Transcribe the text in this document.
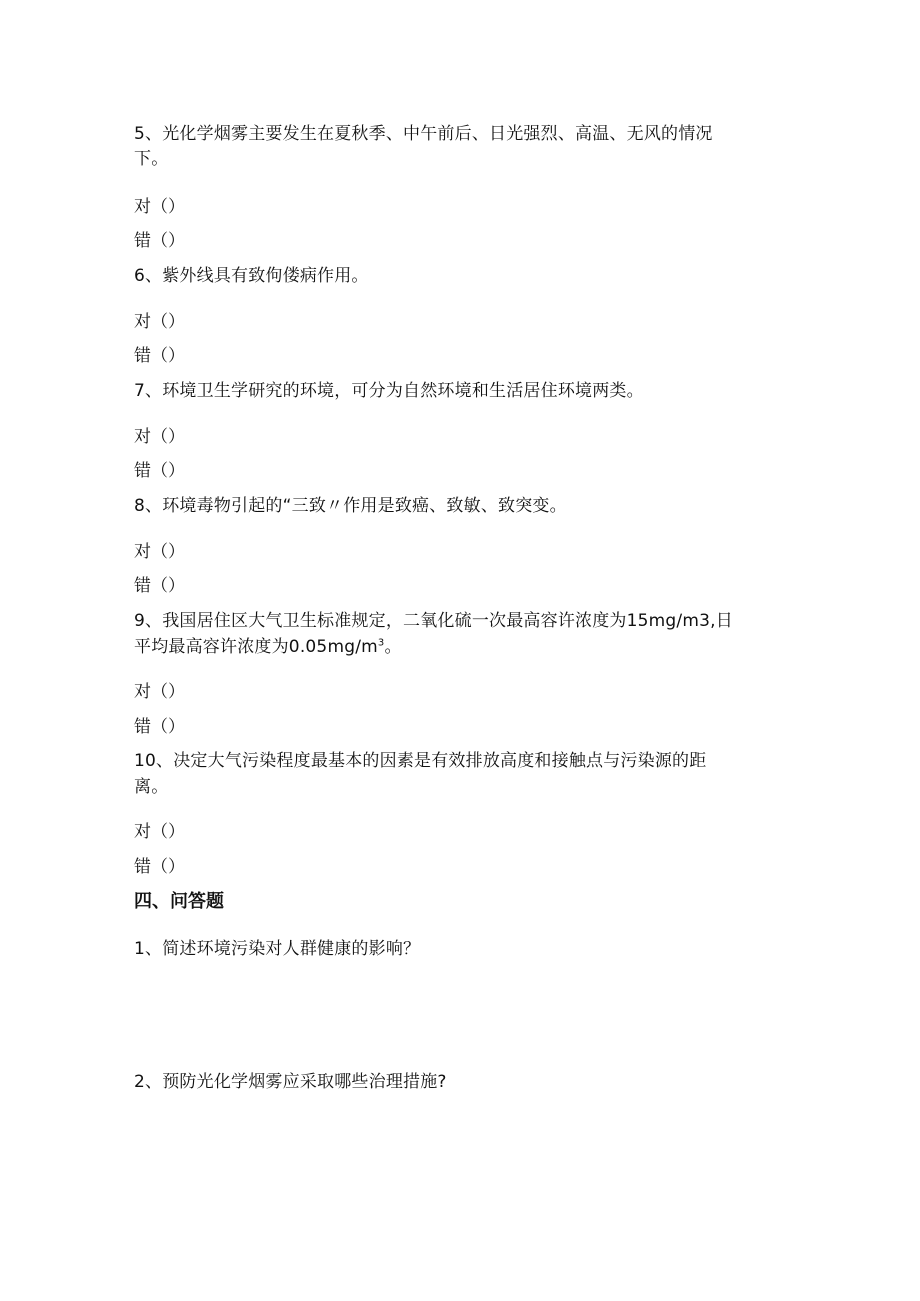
5、光化学烟雾主要发生在夏秋季、中午前后、日光强烈、高温、无风的情况
下。
对（）
错（）
6、紫外线具有致佝偻病作用。
对（）
错（）
7、环境卫生学研究的环境，可分为自然环境和生活居住环境两类。
对（）
错（）
8、环境毒物引起的“三致〃作用是致癌、致敏、致突变。
对（）
错（）
9、我国居住区大气卫生标准规定，二氧化硫一次最高容许浓度为15mg∕m3,日
平均最高容许浓度为$0.05mg∕m^3$。
对（）
错（）
10、决定大气污染程度最基本的因素是有效排放高度和接触点与污染源的距
离。
对（）
错（）
四、问答题
1、简述环境污染对人群健康的影响？
2、预防光化学烟雾应采取哪些治理措施?
